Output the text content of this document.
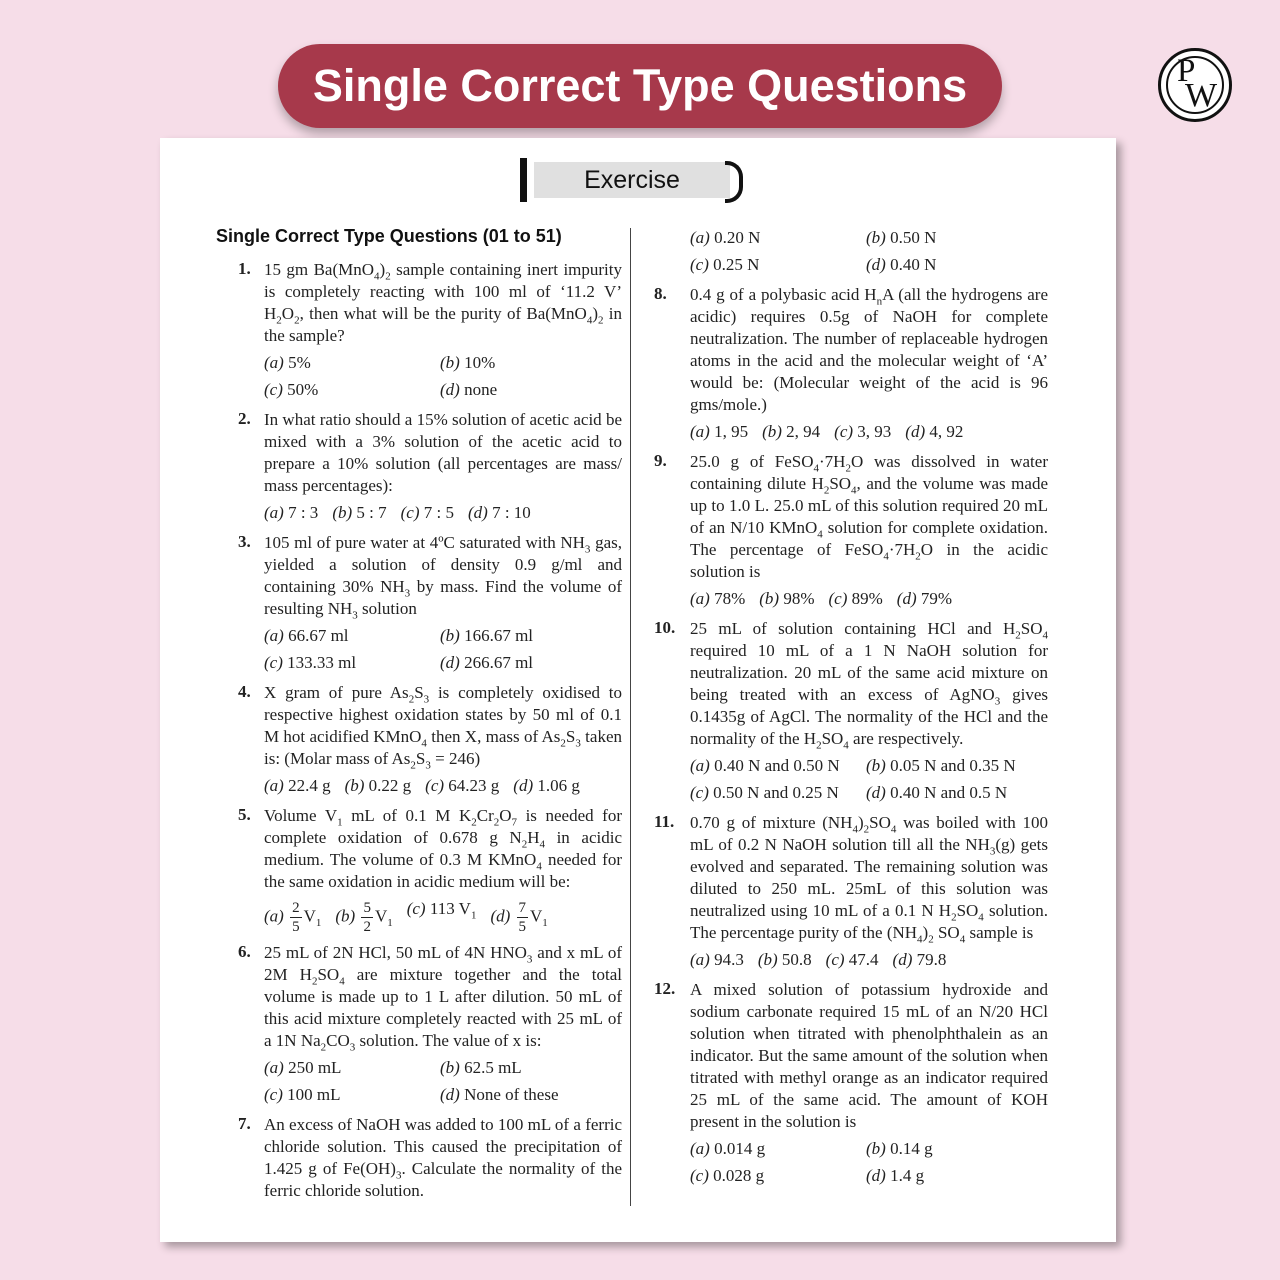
Single Correct Type Questions	P
W
Exercise
Single Correct Type Questions (01 to 51)
1. 15 gm $Ba(MnO_4)_2$ sample containing inert impurity is completely reacting with 100 ml of ‘11.2 V’ $H_2O_2$, then what will be the purity of $Ba(MnO_4)_2$ in the sample?
(a) 5%	(b) 10%
(c) 50%	(d) none
2. In what ratio should a 15% solution of acetic acid be mixed with a 3% solution of the acetic acid to prepare a 10% solution (all percentages are mass/ mass percentages):
(a) 7 : 3 (b) 5 : 7 (c) 7 : 5 (d) 7 : 10
3. 105 ml of pure water at 4ºC saturated with $NH_3$ gas, yielded a solution of density 0.9 g/ml and containing 30% $NH_3$ by mass. Find the volume of resulting $NH_3$ solution
(a) 66.67 ml	(b) 166.67 ml
(c) 133.33 ml	(d) 266.67 ml
4. X gram of pure $As_2S_3$ is completely oxidised to respective highest oxidation states by 50 ml of 0.1 M hot acidified KMnO$_4$ then X, mass of $As_2S_3$ taken is: (Molar mass of $As_2S_3 = 246$)
(a) 22.4 g (b) 0.22 g (c) 64.23 g (d) 1.06 g
5. Volume $V_1$ mL of 0.1 M $K_2Cr_2O_7$ is needed for complete oxidation of 0.678 g $N_2H_4$ in acidic medium. The volume of 0.3 M KMnO$_4$ needed for the same oxidation in acidic medium will be:
$(a) \frac{2}{5} V_1$ $(b) \frac{5}{2} V_1$
(c) 113 $V_1$ $(d) \frac{7}{5} V_1$
6. 25 mL of 2N HCl, 50 mL of 4N $HNO_3$ and x mL of 2M $H_2SO_4$ are mixture together and the total volume is made up to 1 L after dilution. 50 mL of this acid mixture completely reacted with 25 mL of a 1N $Na_2CO_3$ solution. The value of x is:
(a) 250 mL	(b) 62.5 mL
(c) 100 mL	(d) None of these
7. An excess of NaOH was added to 100 mL of a ferric chloride solution. This caused the precipitation of 1.425 g of $Fe(OH)_3$. Calculate the normality of the ferric chloride solution.
(a) 0.20 N	(b) 0.50 N
(c) 0.25 N	(d) 0.40 N
8. 0.4 g of a polybasic acid $H_nA$ (all the hydrogens are acidic) requires 0.5g of NaOH for complete neutralization. The number of replaceable hydrogen atoms in the acid and the molecular weight of ‘A’ would be: (Molecular weight of the acid is 96 gms/mole.)
(a) 1, 95 (b) 2, 94 (c) 3, 93 (d) 4, 92
9. 25.0 g of $FeSO_4\cdot 7H_2O$ was dissolved in water containing dilute $H_2SO_4$, and the volume was made up to 1.0 L. 25.0 mL of this solution required 20 mL of an N/10 KMnO$_4$ solution for complete oxidation. The percentage of $FeSO_4\cdot 7H_2O$ in the acidic solution is
(a) 78% (b) 98% (c) 89% (d) 79%
10. 25 mL of solution containing HCl and $H_2SO_4$ required 10 mL of a 1 N NaOH solution for neutralization. 20 mL of the same acid mixture on being treated with an excess of AgNO$_3$ gives 0.1435g of AgCl. The normality of the HCl and the normality of the $H_2SO_4$ are respectively.
(a) 0.40 N and 0.50 N	(b) 0.05 N and 0.35 N
(c) 0.50 N and 0.25 N	(d) 0.40 N and 0.5 N
11. 0.70 g of mixture $(NH_4)_2SO_4$ was boiled with 100 mL of 0.2 N NaOH solution till all the $NH_3(g)$ gets evolved and separated. The remaining solution was diluted to 250 mL. 25mL of this solution was neutralized using 10 mL of a 0.1 N $H_2SO_4$ solution. The percentage purity of the $(NH_4)_2$ $SO_4$ sample is
(a) 94.3 (b) 50.8 (c) 47.4 (d) 79.8
12. A mixed solution of potassium hydroxide and sodium carbonate required 15 mL of an N/20 HCl solution when titrated with phenolphthalein as an indicator. But the same amount of the solution when titrated with methyl orange as an indicator required 25 mL of the same acid. The amount of KOH present in the solution is
(a) 0.014 g	(b) 0.14 g
(c) 0.028 g	(d) 1.4 g
